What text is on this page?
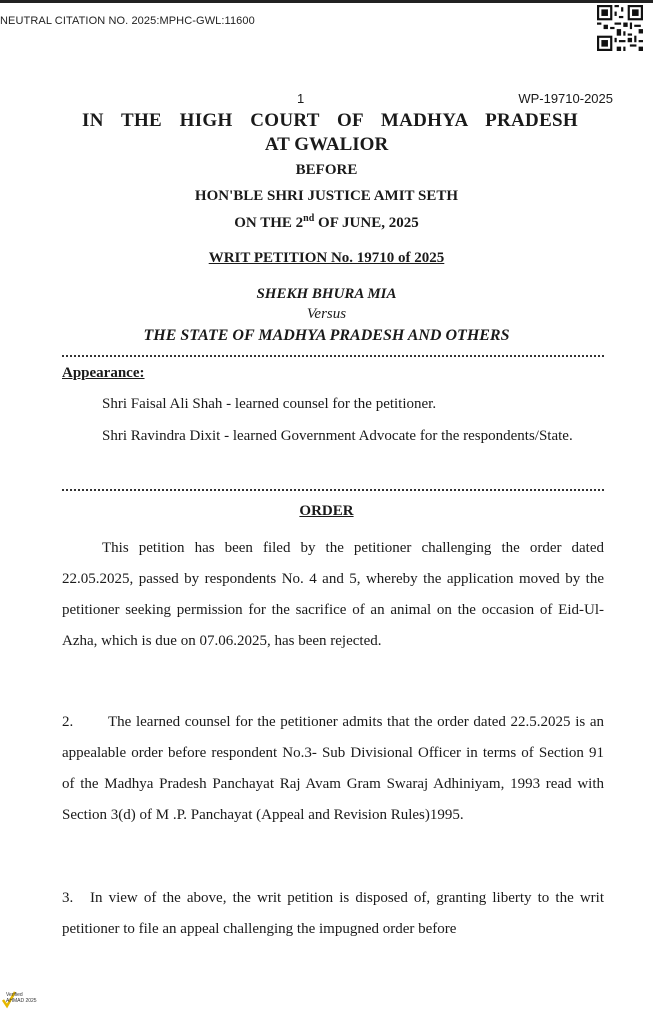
NEUTRAL CITATION NO. 2025:MPHC-GWL:11600
1	WP-19710-2025
IN THE HIGH COURT OF MADHYA PRADESH
AT GWALIOR
BEFORE
HON'BLE SHRI JUSTICE AMIT SETH
ON THE 2nd OF JUNE, 2025
WRIT PETITION No. 19710 of 2025
SHEKH BHURA MIA
Versus
THE STATE OF MADHYA PRADESH AND OTHERS
Appearance:

Shri Faisal Ali Shah - learned counsel for the petitioner.

Shri Ravindra Dixit - learned Government Advocate for the respondents/State.

ORDER

This petition has been filed by the petitioner challenging the order dated 22.05.2025, passed by respondents No. 4 and 5, whereby the application moved by the petitioner seeking permission for the sacrifice of an animal on the occasion of Eid-Ul-Azha, which is due on 07.06.2025, has been rejected.

2. The learned counsel for the petitioner admits that the order dated 22.5.2025 is an appealable order before respondent No.3- Sub Divisional Officer in terms of Section 91 of the Madhya Pradesh Panchayat Raj Avam Gram Swaraj Adhiniyam, 1993 read with Section 3(d) of M .P. Panchayat (Appeal and Revision Rules)1995.

3. In view of the above, the writ petition is disposed of, granting liberty to the writ petitioner to file an appeal challenging the impugned order before

Verified AHMAD 2025
